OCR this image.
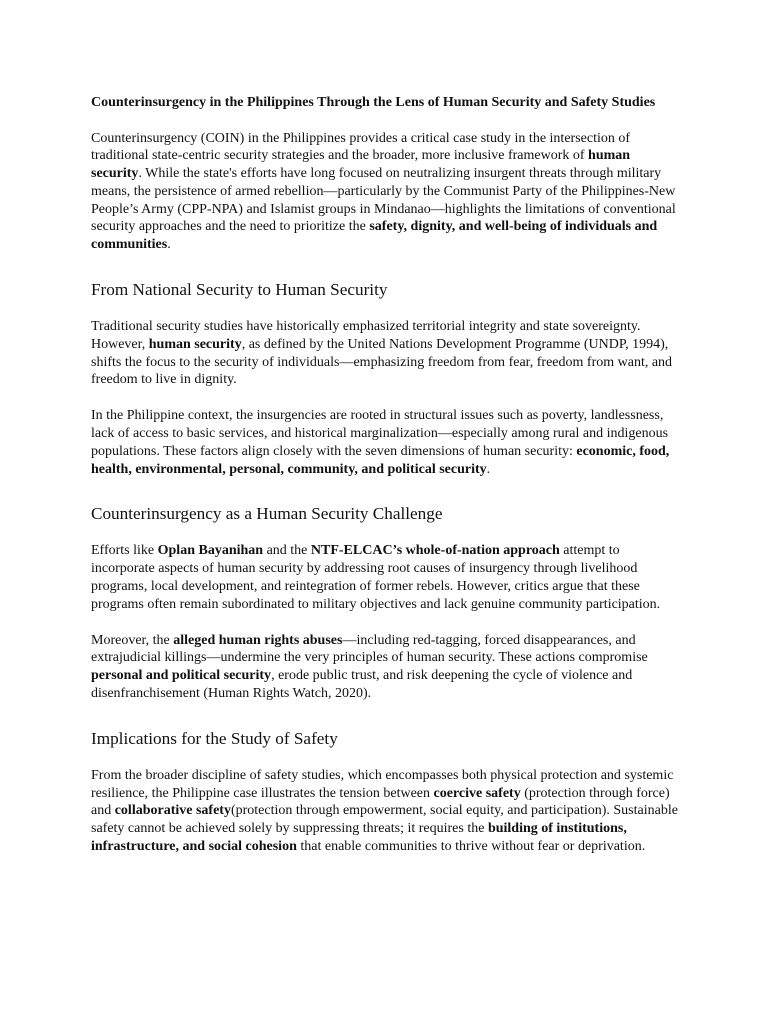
Counterinsurgency in the Philippines Through the Lens of Human Security and Safety Studies

Counterinsurgency (COIN) in the Philippines provides a critical case study in the intersection of traditional state-centric security strategies and the broader, more inclusive framework of human security. While the state's efforts have long focused on neutralizing insurgent threats through military means, the persistence of armed rebellion—particularly by the Communist Party of the Philippines-New People’s Army (CPP-NPA) and Islamist groups in Mindanao—highlights the limitations of conventional security approaches and the need to prioritize the safety, dignity, and well-being of individuals and communities.

From National Security to Human Security

Traditional security studies have historically emphasized territorial integrity and state sovereignty. However, human security, as defined by the United Nations Development Programme (UNDP, 1994), shifts the focus to the security of individuals—emphasizing freedom from fear, freedom from want, and freedom to live in dignity.

In the Philippine context, the insurgencies are rooted in structural issues such as poverty, landlessness, lack of access to basic services, and historical marginalization—especially among rural and indigenous populations. These factors align closely with the seven dimensions of human security: economic, food, health, environmental, personal, community, and political security.

Counterinsurgency as a Human Security Challenge

Efforts like Oplan Bayanihan and the NTF-ELCAC’s whole-of-nation approach attempt to incorporate aspects of human security by addressing root causes of insurgency through livelihood programs, local development, and reintegration of former rebels. However, critics argue that these programs often remain subordinated to military objectives and lack genuine community participation.

Moreover, the alleged human rights abuses—including red-tagging, forced disappearances, and extrajudicial killings—undermine the very principles of human security. These actions compromise personal and political security, erode public trust, and risk deepening the cycle of violence and disenfranchisement (Human Rights Watch, 2020).

Implications for the Study of Safety

From the broader discipline of safety studies, which encompasses both physical protection and systemic resilience, the Philippine case illustrates the tension between coercive safety (protection through force) and collaborative safety(protection through empowerment, social equity, and participation). Sustainable safety cannot be achieved solely by suppressing threats; it requires the building of institutions, infrastructure, and social cohesion that enable communities to thrive without fear or deprivation.
